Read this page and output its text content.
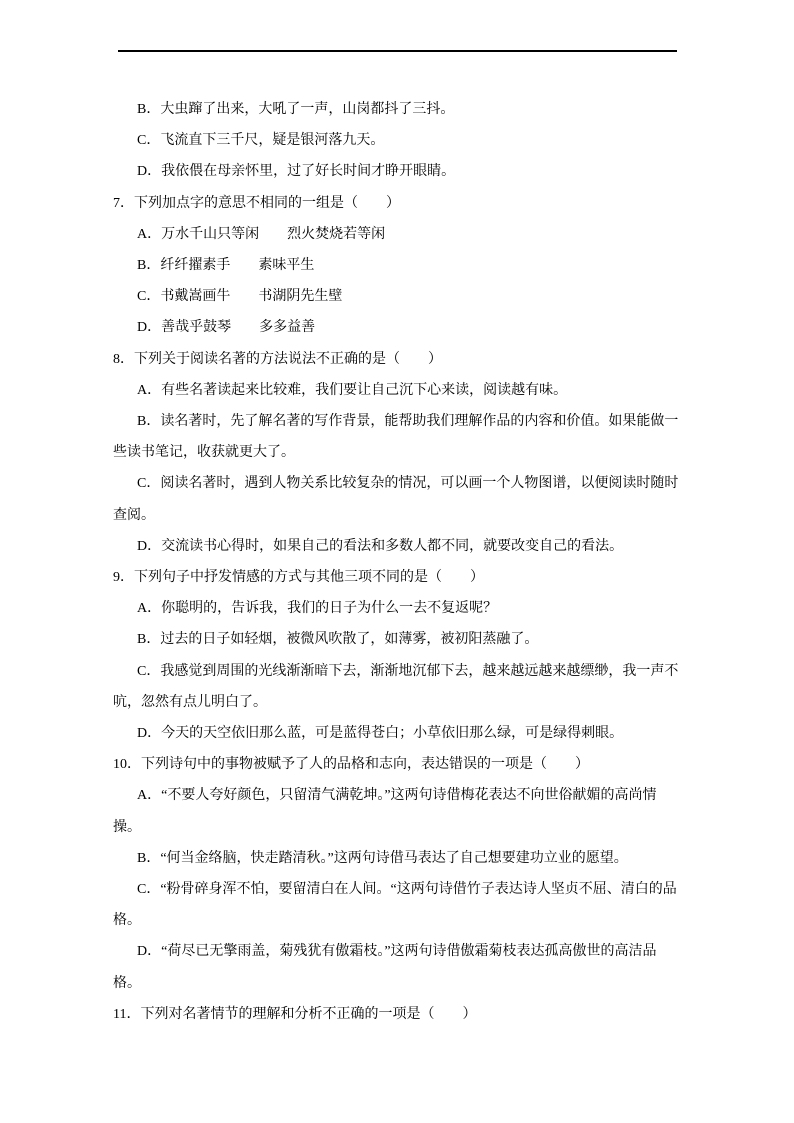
B．大虫蹿了出来，大吼了一声，山岗都抖了三抖。

C．飞流直下三千尺，疑是银河落九天。

D．我依偎在母亲怀里，过了好长时间才睁开眼睛。

7．下列加点字的意思不相同的一组是（　　）

A．万水千山只等闲　　烈火焚烧若等闲

B．纤纤擢素手　　素味平生

C．书戴嵩画牛　　书湖阴先生壁

D．善哉乎鼓琴　　多多益善

8．下列关于阅读名著的方法说法不正确的是（　　）

A．有些名著读起来比较难，我们要让自己沉下心来读，阅读越有味。

B．读名著时，先了解名著的写作背景，能帮助我们理解作品的内容和价值。如果能做一些读书笔记，收获就更大了。

C．阅读名著时，遇到人物关系比较复杂的情况，可以画一个人物图谱，以便阅读时随时查阅。

D．交流读书心得时，如果自己的看法和多数人都不同，就要改变自己的看法。

9．下列句子中抒发情感的方式与其他三项不同的是（　　）

A．你聪明的，告诉我，我们的日子为什么一去不复返呢？

B．过去的日子如轻烟，被微风吹散了，如薄雾，被初阳蒸融了。

C．我感觉到周围的光线渐渐暗下去，渐渐地沉郁下去，越来越远越来越缥缈，我一声不吭，忽然有点儿明白了。

D．今天的天空依旧那么蓝，可是蓝得苍白；小草依旧那么绿，可是绿得刺眼。

10．下列诗句中的事物被赋予了人的品格和志向，表达错误的一项是（　　）

A．“不要人夸好颜色，只留清气满乾坤。”这两句诗借梅花表达不向世俗献媚的高尚情操。

B．“何当金络脑，快走踏清秋。”这两句诗借马表达了自己想要建功立业的愿望。

C．“粉骨碎身浑不怕，要留清白在人间。“这两句诗借竹子表达诗人坚贞不屈、清白的品格。

D．“荷尽已无擎雨盖，菊残犹有傲霜枝。”这两句诗借傲霜菊枝表达孤高傲世的高洁品格。

11．下列对名著情节的理解和分析不正确的一项是（　　）
